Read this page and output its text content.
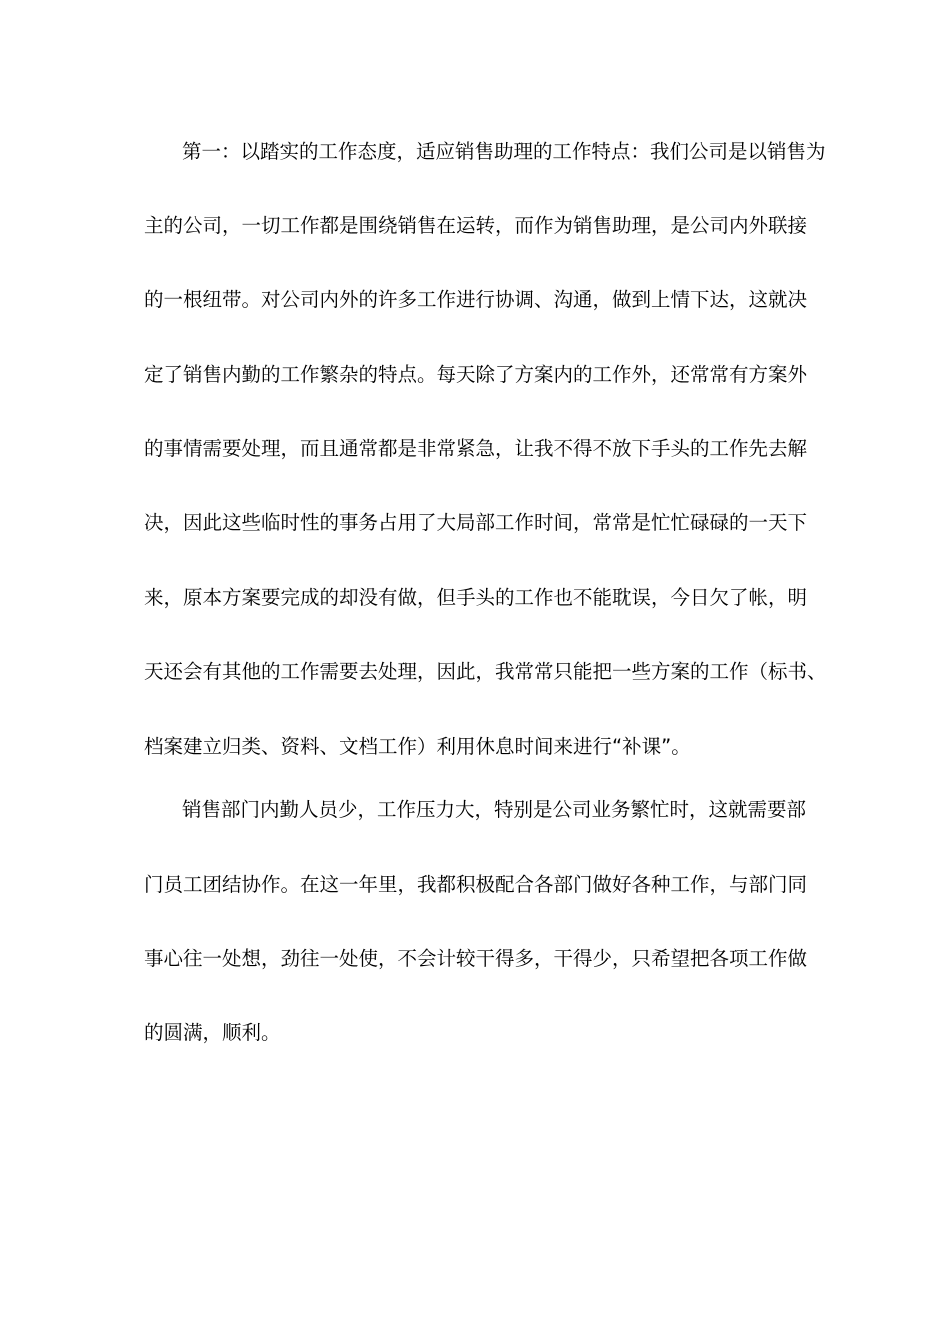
第一：以踏实的工作态度，适应销售助理的工作特点：我们公司是以销售为
主的公司，一切工作都是围绕销售在运转，而作为销售助理，是公司内外联接
的一根纽带。对公司内外的许多工作进行协调、沟通，做到上情下达，这就决
定了销售内勤的工作繁杂的特点。每天除了方案内的工作外，还常常有方案外
的事情需要处理，而且通常都是非常紧急，让我不得不放下手头的工作先去解
决，因此这些临时性的事务占用了大局部工作时间，常常是忙忙碌碌的一天下
来，原本方案要完成的却没有做，但手头的工作也不能耽误，今日欠了帐，明
天还会有其他的工作需要去处理，因此，我常常只能把一些方案的工作（标书、
档案建立归类、资料、文档工作）利用休息时间来进行“补课”。
销售部门内勤人员少，工作压力大，特别是公司业务繁忙时，这就需要部
门员工团结协作。在这一年里，我都积极配合各部门做好各种工作，与部门同
事心往一处想，劲往一处使，不会计较干得多，干得少，只希望把各项工作做
的圆满，顺利。
